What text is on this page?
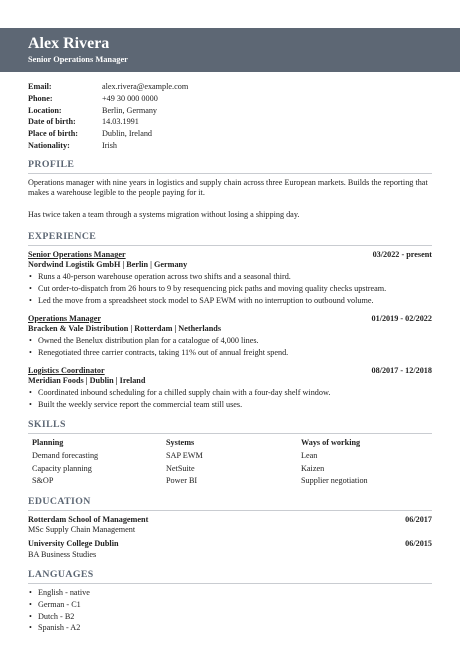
Alex Rivera
Senior Operations Manager
Email:	alex.rivera@example.com
Phone:	+49 30 000 0000
Location:	Berlin, Germany
Date of birth:	14.03.1991
Place of birth:	Dublin, Ireland
Nationality:	Irish
PROFILE

Operations manager with nine years in logistics and supply chain across three European markets. Builds the reporting that makes a warehouse legible to the people paying for it.

Has twice taken a team through a systems migration without losing a shipping day.

EXPERIENCE
Senior Operations Manager	03/2022 - present
Nordwind Logistik GmbH | Berlin | Germany
• Runs a 40-person warehouse operation across two shifts and a seasonal third.
• Cut order-to-dispatch from 26 hours to 9 by resequencing pick paths and moving quality checks upstream.
• Led the move from a spreadsheet stock model to SAP EWM with no interruption to outbound volume.
Operations Manager	01/2019 - 02/2022
Bracken & Vale Distribution | Rotterdam | Netherlands
• Owned the Benelux distribution plan for a catalogue of 4,000 lines.
• Renegotiated three carrier contracts, taking 11% out of annual freight spend.
Logistics Coordinator	08/2017 - 12/2018
Meridian Foods | Dublin | Ireland
• Coordinated inbound scheduling for a chilled supply chain with a four-day shelf window.
• Built the weekly service report the commercial team still uses.
SKILLS
Planning	Systems	Ways of working
Demand forecasting	SAP EWM	Lean
Capacity planning	NetSuite	Kaizen
S&OP	Power BI	Supplier negotiation
EDUCATION
Rotterdam School of Management	06/2017
MSc Supply Chain Management
University College Dublin	06/2015
BA Business Studies
LANGUAGES
• English - native
• German - C1
• Dutch - B2
• Spanish - A2
